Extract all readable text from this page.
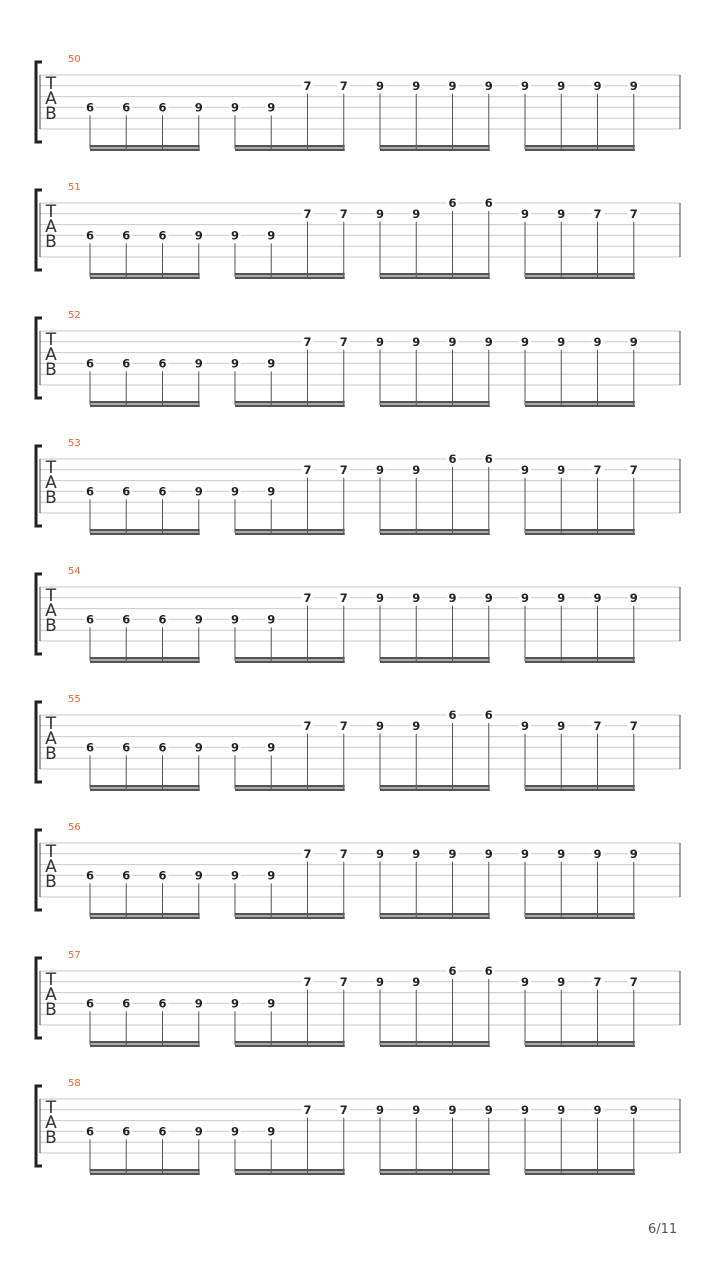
50
T
A
B	6 6 6 9 9 9
7 7 9 9 9 9 9 9 9 9
51
T
A
B	6 6 6 9 9 9
7 7 9 9
6 6
9 9 7 7
52
T
A
B	6 6 6 9 9 9
7 7 9 9 9 9 9 9 9 9
53
T
A
B	6 6 6 9 9 9
7 7 9 9
6 6
9 9 7 7
54
T
A
B	6 6 6 9 9 9
7 7 9 9 9 9 9 9 9 9
55
T
A
B	6 6 6 9 9 9
7 7 9 9
6 6
9 9 7 7
56
T
A
B	6 6 6 9 9 9
7 7 9 9 9 9 9 9 9 9
57
T
A
B	6 6 6 9 9 9
7 7 9 9
6 6
9 9 7 7
58
T
A
B	6 6 6 9 9 9
7 7 9 9 9 9 9 9 9 9
6/11
